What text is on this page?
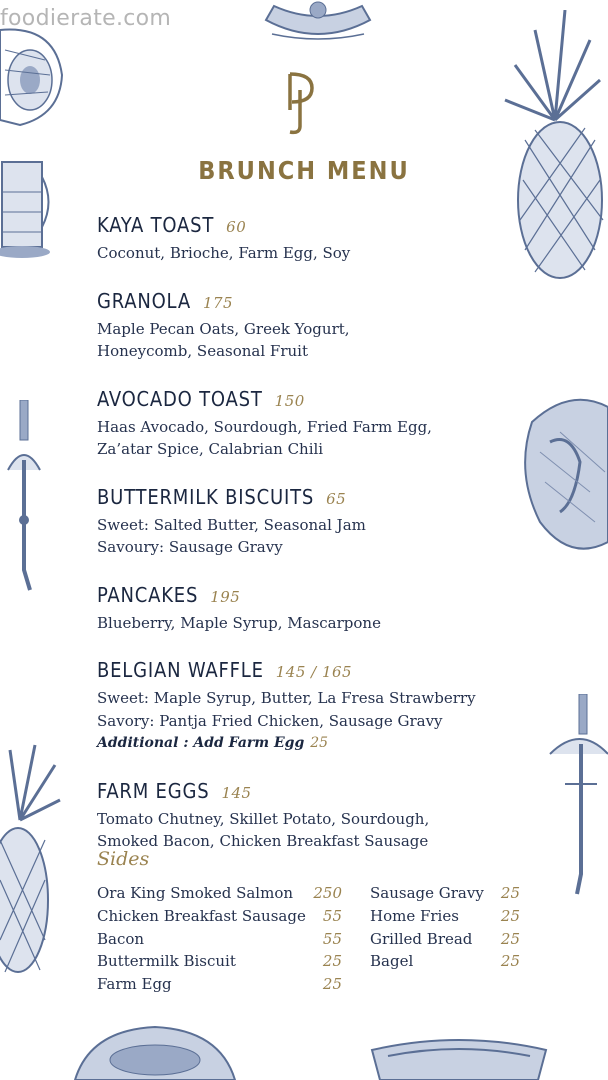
foodierate.com
BRUNCH MENU
KAYA TOAST 60
Coconut, Brioche, Farm Egg, Soy
GRANOLA 175
Maple Pecan Oats, Greek Yogurt,
Honeycomb, Seasonal Fruit
AVOCADO TOAST 150
Haas Avocado, Sourdough, Fried Farm Egg,
Za’atar Spice, Calabrian Chili
BUTTERMILK BISCUITS 65
Sweet: Salted Butter, Seasonal Jam
Savoury: Sausage Gravy
PANCAKES 195
Blueberry, Maple Syrup, Mascarpone
BELGIAN WAFFLE 145 / 165
Sweet: Maple Syrup, Butter, La Fresa Strawberry
Savory: Pantja Fried Chicken, Sausage Gravy
Additional : Add Farm Egg 25
FARM EGGS 145
Tomato Chutney, Skillet Potato, Sourdough,
Smoked Bacon, Chicken Breakfast Sausage
Sides
Ora King Smoked Salmon 250
Chicken Breakfast Sausage 55
Bacon	55
Buttermilk Biscuit	25
Farm Egg	25
Sausage Gravy 25
Home Fries	25
Grilled Bread 25
Bagel	25
